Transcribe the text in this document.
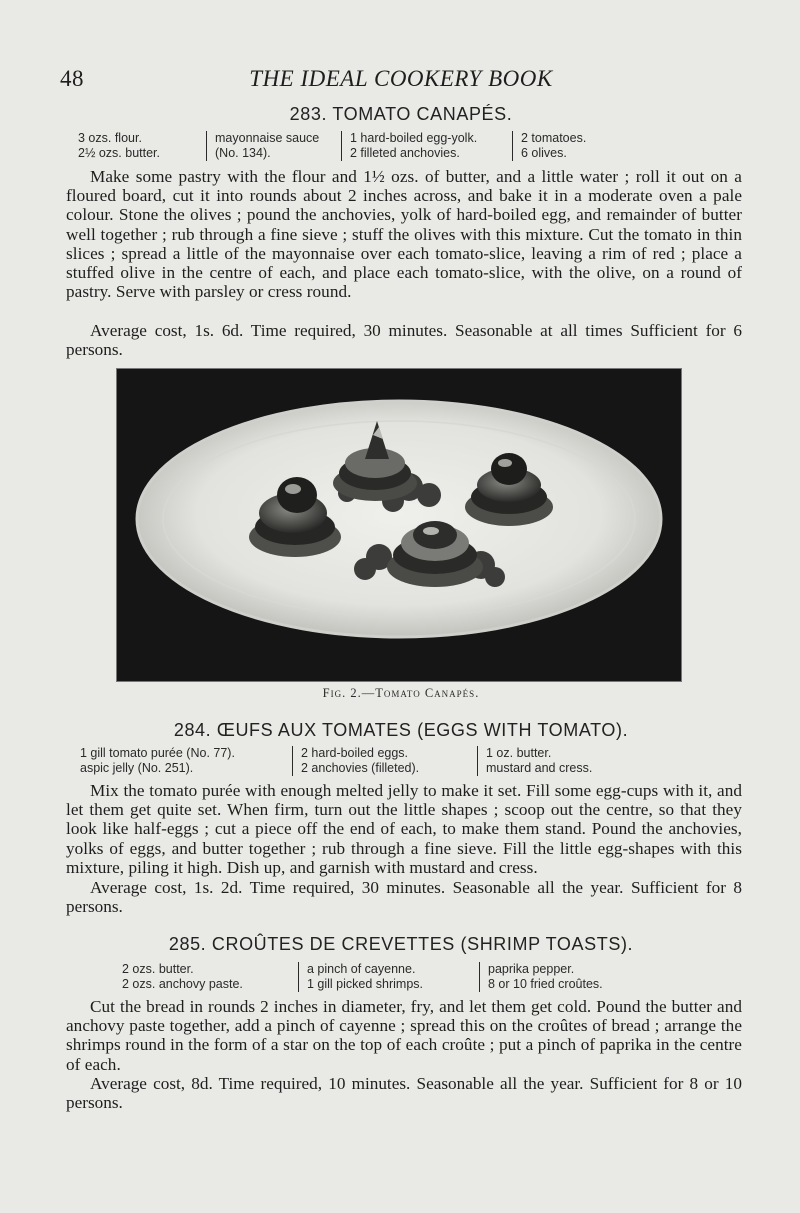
48	THE IDEAL COOKERY BOOK
283. TOMATO CANAPÉS.
3 ozs. flour.
2½ ozs. butter.
mayonnaise sauce
(No. 134).
1 hard-boiled egg-yolk.
2 filleted anchovies.
2 tomatoes.
6 olives.

Make some pastry with the flour and 1½ ozs. of butter, and a little water ; roll it out on a floured board, cut it into rounds about 2 inches across, and bake it in a moderate oven a pale colour. Stone the olives ; pound the anchovies, yolk of hard-boiled egg, and remainder of butter well together ; rub through a fine sieve ; stuff the olives with this mixture. Cut the tomato in thin slices ; spread a little of the mayonnaise over each tomato-slice, leaving a rim of red ; place a stuffed olive in the centre of each, and place each tomato-slice, with the olive, on a round of pastry. Serve with parsley or cress round.

Average cost, 1s. 6d. Time required, 30 minutes. Seasonable at all times Sufficient for 6 persons.

Fig. 2.—Tomato Canapés.
284. ŒUFS AUX TOMATES (EGGS WITH TOMATO).
1 gill tomato purée (No. 77).
aspic jelly (No. 251).
2 hard-boiled eggs.
2 anchovies (filleted).
1 oz. butter.
mustard and cress.

Mix the tomato purée with enough melted jelly to make it set. Fill some egg-cups with it, and let them get quite set. When firm, turn out the little shapes ; scoop out the centre, so that they look like half-eggs ; cut a piece off the end of each, to make them stand. Pound the anchovies, yolks of eggs, and butter together ; rub through a fine sieve. Fill the little egg-shapes with this mixture, piling it high. Dish up, and garnish with mustard and cress.

Average cost, 1s. 2d. Time required, 30 minutes. Seasonable all the year. Sufficient for 8 persons.

285. CROÛTES DE CREVETTES (SHRIMP TOASTS).
2 ozs. butter.
2 ozs. anchovy paste.
a pinch of cayenne.
1 gill picked shrimps.
paprika pepper.
8 or 10 fried croûtes.

Cut the bread in rounds 2 inches in diameter, fry, and let them get cold. Pound the butter and anchovy paste together, add a pinch of cayenne ; spread this on the croûtes of bread ; arrange the shrimps round in the form of a star on the top of each croûte ; put a pinch of paprika in the centre of each.

Average cost, 8d. Time required, 10 minutes. Seasonable all the year. Sufficient for 8 or 10 persons.
